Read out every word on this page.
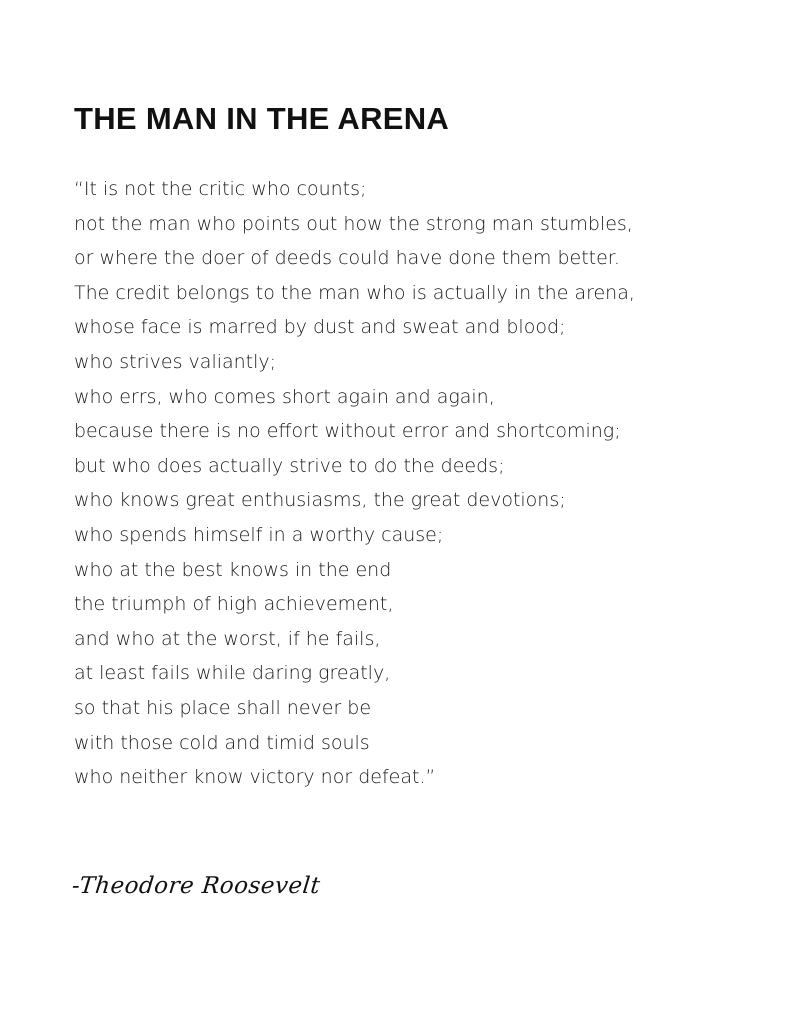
THE MAN IN THE ARENA
“It is not the critic who counts;
not the man who points out how the strong man stumbles,
or where the doer of deeds could have done them better.
The credit belongs to the man who is actually in the arena,
whose face is marred by dust and sweat and blood;
who strives valiantly;
who errs, who comes short again and again,
because there is no effort without error and shortcoming;
but who does actually strive to do the deeds;
who knows great enthusiasms, the great devotions;
who spends himself in a worthy cause;
who at the best knows in the end
the triumph of high achievement,
and who at the worst, if he fails,
at least fails while daring greatly,
so that his place shall never be
with those cold and timid souls
who neither know victory nor defeat.”

-Theodore Roosevelt
